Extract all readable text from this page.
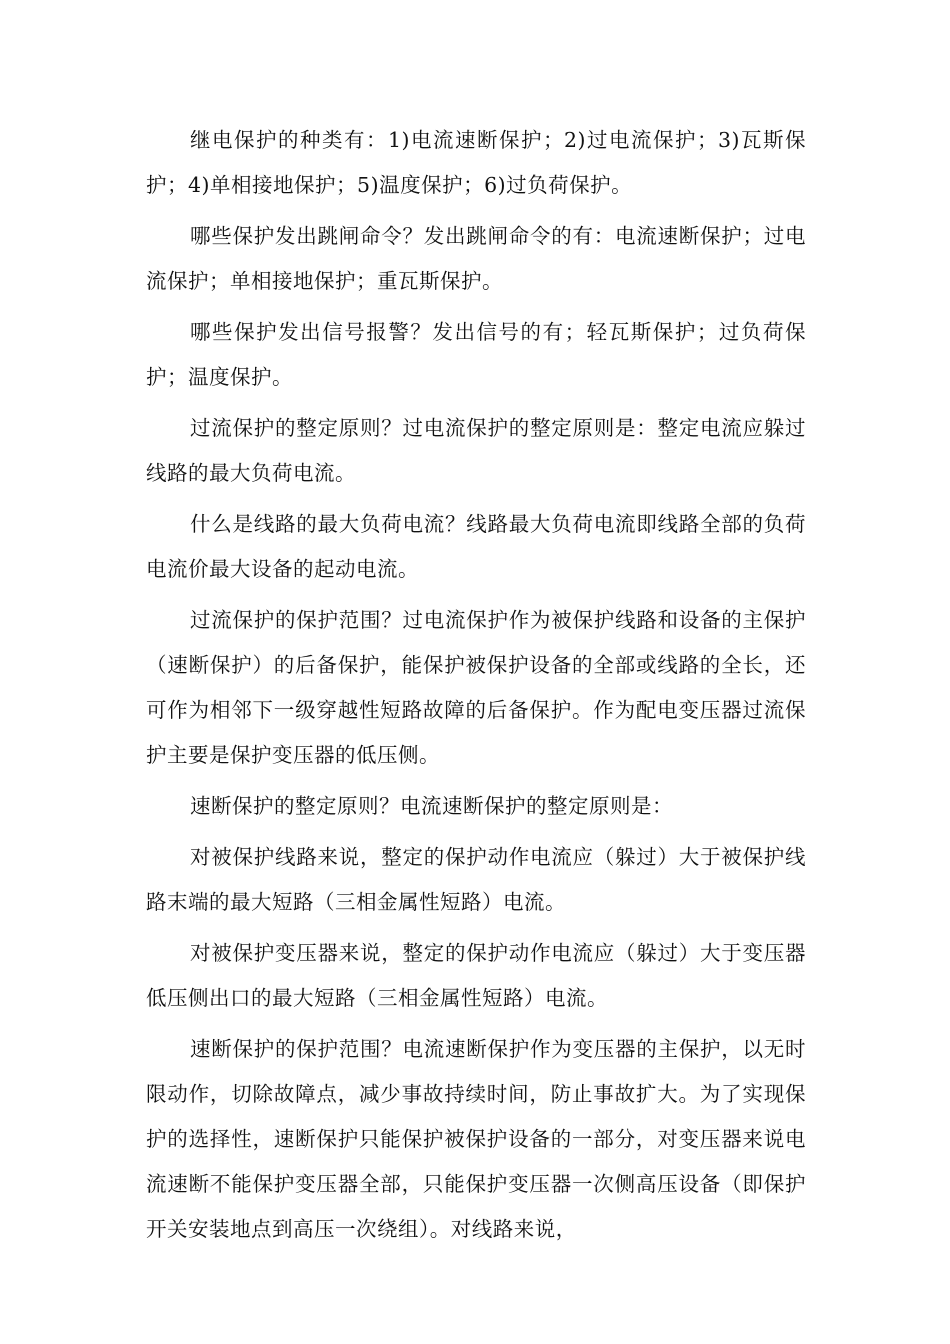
继电保护的种类有：1)电流速断保护；2)过电流保护；3)瓦斯保护；4)单相接地保护；5)温度保护；6)过负荷保护。

哪些保护发出跳闸命令？发出跳闸命令的有：电流速断保护；过电流保护；单相接地保护；重瓦斯保护。

哪些保护发出信号报警？发出信号的有；轻瓦斯保护；过负荷保护；温度保护。

过流保护的整定原则？过电流保护的整定原则是：整定电流应躲过线路的最大负荷电流。

什么是线路的最大负荷电流？线路最大负荷电流即线路全部的负荷电流价最大设备的起动电流。

过流保护的保护范围？过电流保护作为被保护线路和设备的主保护（速断保护）的后备保护，能保护被保护设备的全部或线路的全长，还可作为相邻下一级穿越性短路故障的后备保护。作为配电变压器过流保护主要是保护变压器的低压侧。

速断保护的整定原则？电流速断保护的整定原则是：

对被保护线路来说，整定的保护动作电流应（躲过）大于被保护线路末端的最大短路（三相金属性短路）电流。

对被保护变压器来说，整定的保护动作电流应（躲过）大于变压器低压侧出口的最大短路（三相金属性短路）电流。

速断保护的保护范围？电流速断保护作为变压器的主保护，以无时限动作，切除故障点，减少事故持续时间，防止事故扩大。为了实现保护的选择性，速断保护只能保护被保护设备的一部分，对变压器来说电流速断不能保护变压器全部，只能保护变压器一次侧高压设备（即保护开关安装地点到高压一次绕组）。对线路来说，
